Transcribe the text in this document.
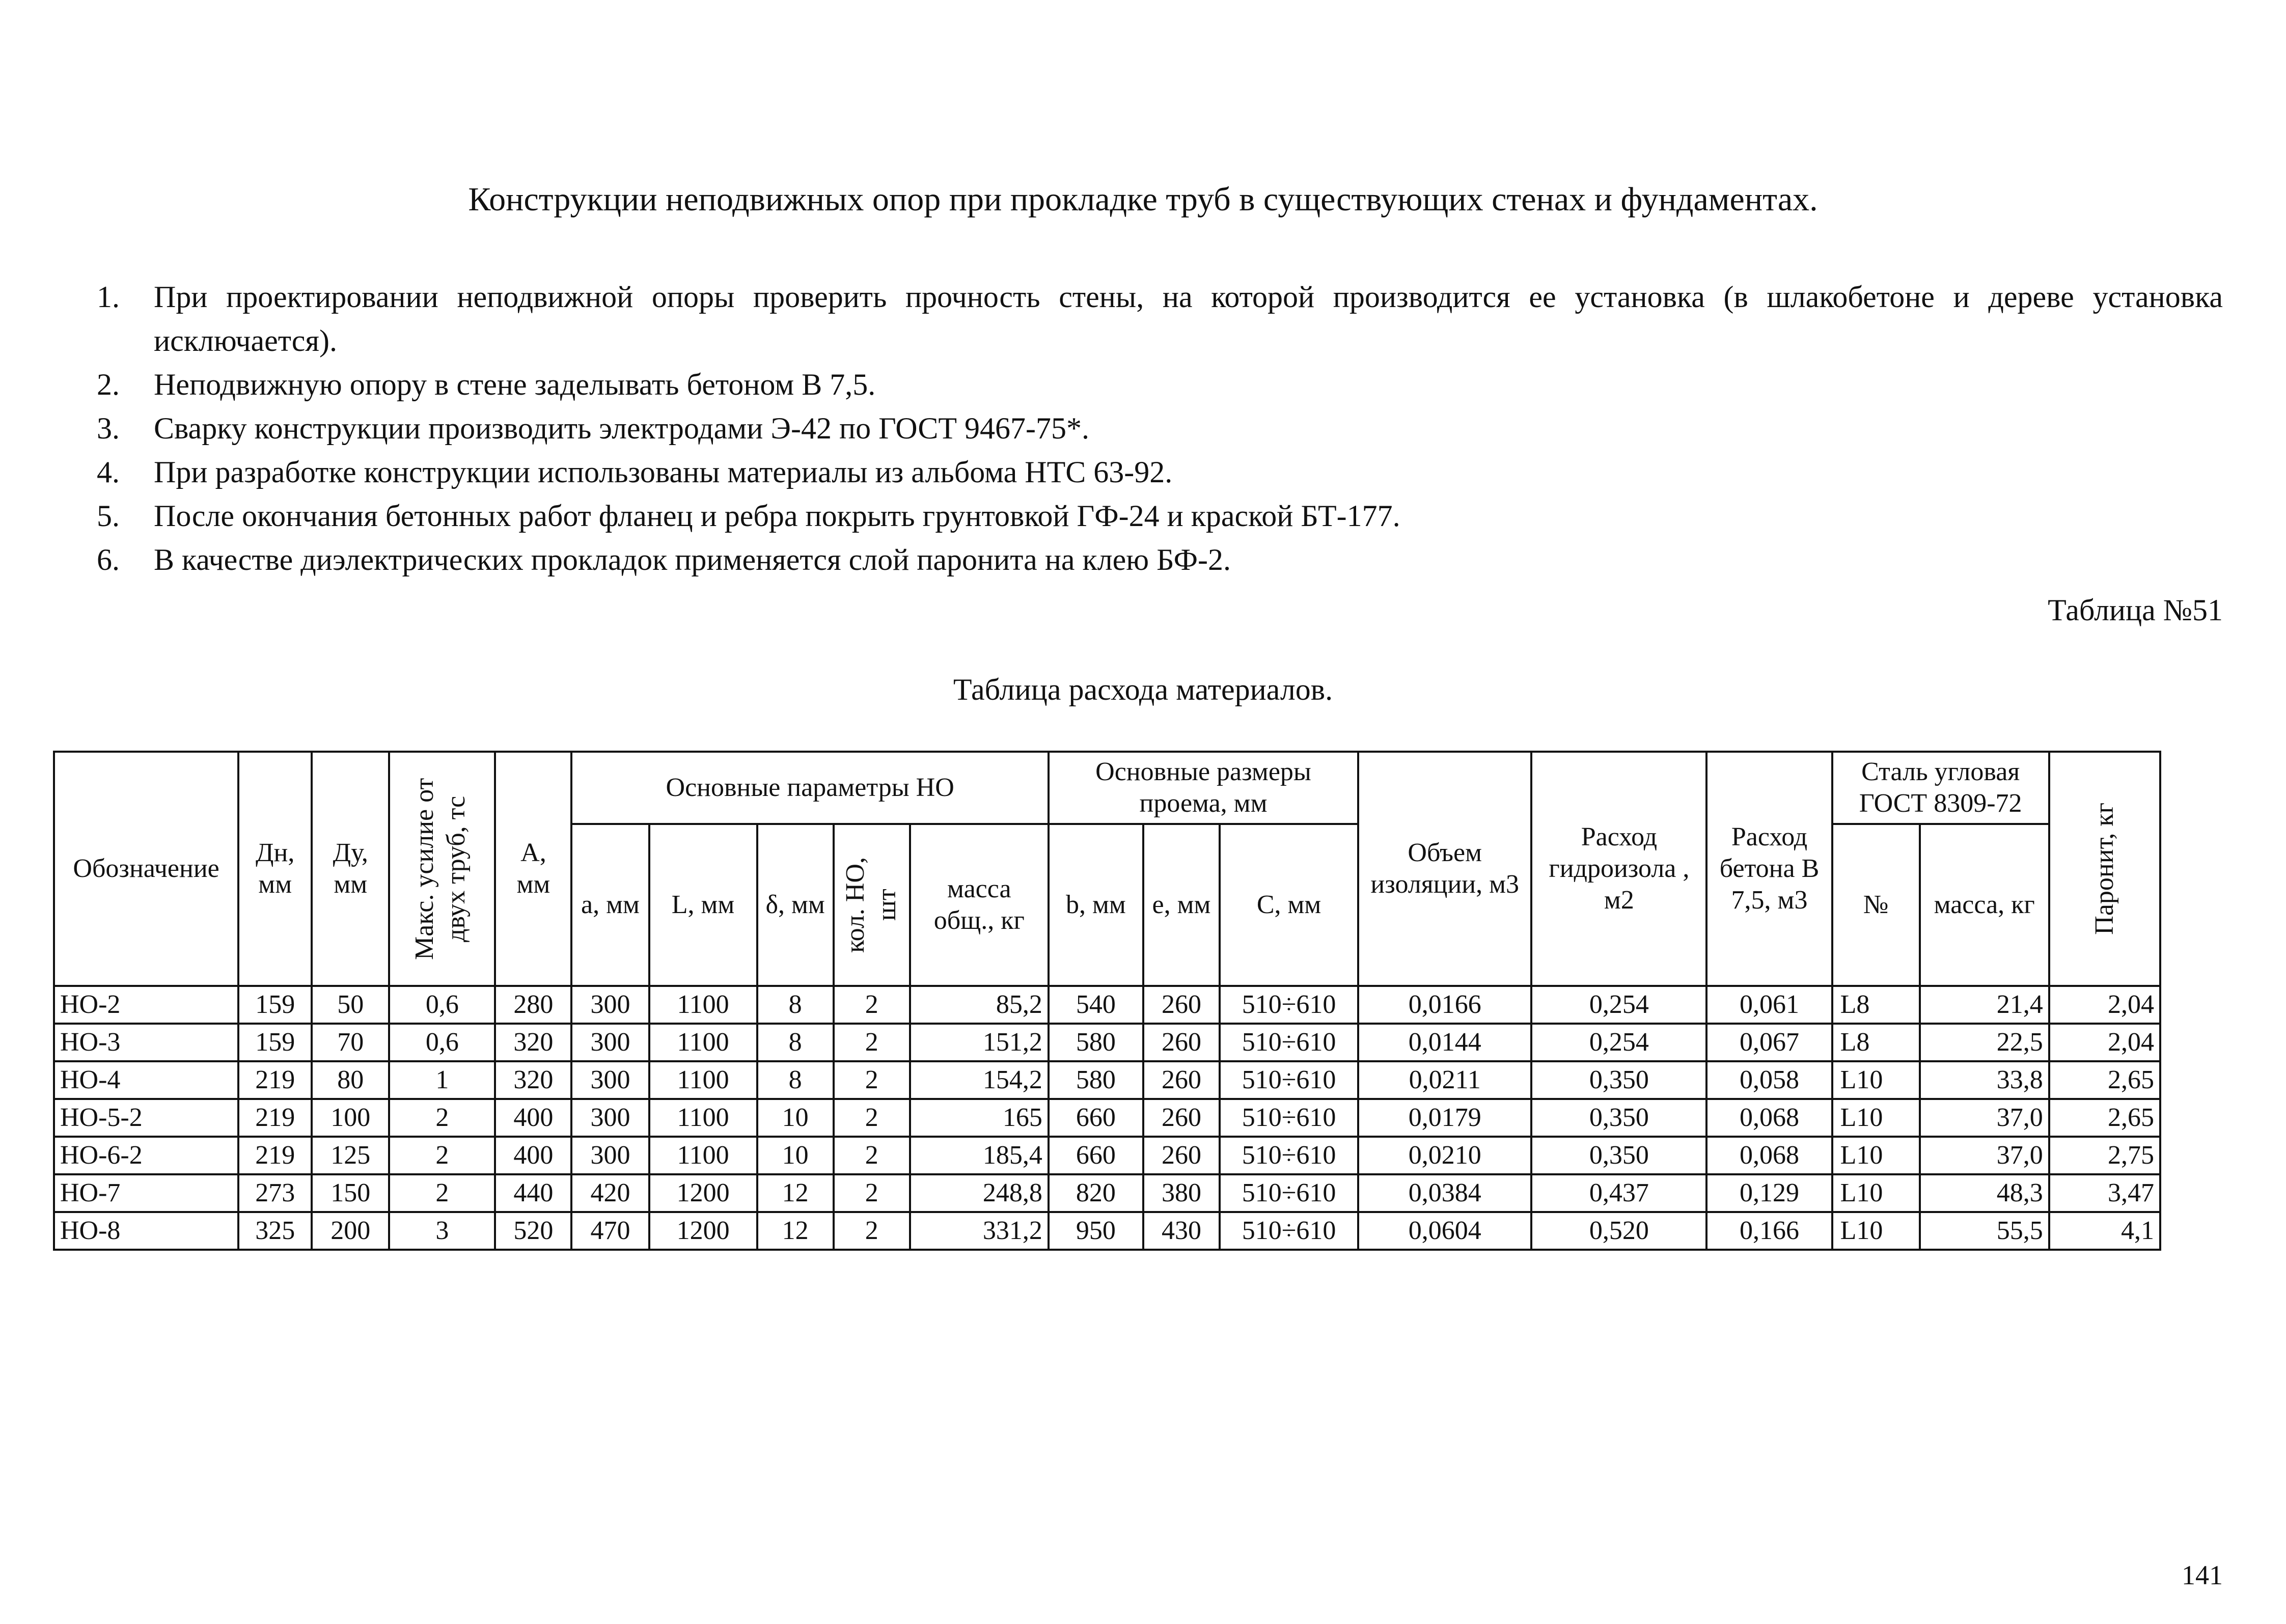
Конструкции неподвижных опор при прокладке труб в существующих стенах и фундаментах.
1.	При проектировании неподвижной опоры проверить прочность стены, на которой производится ее установка (в шлакобетоне и дереве установка исключается).
2.	Неподвижную опору в стене заделывать бетоном В 7,5.
3.	Сварку конструкции производить электродами Э-42 по ГОСТ 9467-75*.
4.	При разработке конструкции использованы материалы из альбома НТС 63-92.
5.	После окончания бетонных работ фланец и ребра покрыть грунтовкой ГФ-24 и краской БТ-177.
6.	В качестве диэлектрических прокладок применяется слой паронита на клею БФ-2.
Таблица №51
Таблица расхода материалов.
Обозначение	Дн, мм	Ду, мм	Макс. усилие от двух труб, тс	А, мм	Основные параметры НО					Основные размеры проема, мм			Объем изоляции, м3	Расход гидроизола , м2	Расход бетона В 7,5, м3	Сталь угловая ГОСТ 8309-72		Паронит, кг

					а, мм	L, мм	δ, мм	кол. НО, шт	масса общ., кг	b, мм	е, мм	С, мм				№	масса, кг	
НО-2	159	50	0,6	280	300	1100	8	2	85,2	540	260	510÷610	0,0166	0,254	0,061	L8	21,4	2,04
НО-3	159	70	0,6	320	300	1100	8	2	151,2	580	260	510÷610	0,0144	0,254	0,067	L8	22,5	2,04
НО-4	219	80	1	320	300	1100	8	2	154,2	580	260	510÷610	0,0211	0,350	0,058	L10	33,8	2,65
НО-5-2	219	100	2	400	300	1100	10	2	165	660	260	510÷610	0,0179	0,350	0,068	L10	37,0	2,65
НО-6-2	219	125	2	400	300	1100	10	2	185,4	660	260	510÷610	0,0210	0,350	0,068	L10	37,0	2,75
НО-7	273	150	2	440	420	1200	12	2	248,8	820	380	510÷610	0,0384	0,437	0,129	L10	48,3	3,47
НО-8	325	200	3	520	470	1200	12	2	331,2	950	430	510÷610	0,0604	0,520	0,166	L10	55,5	4,1
141
